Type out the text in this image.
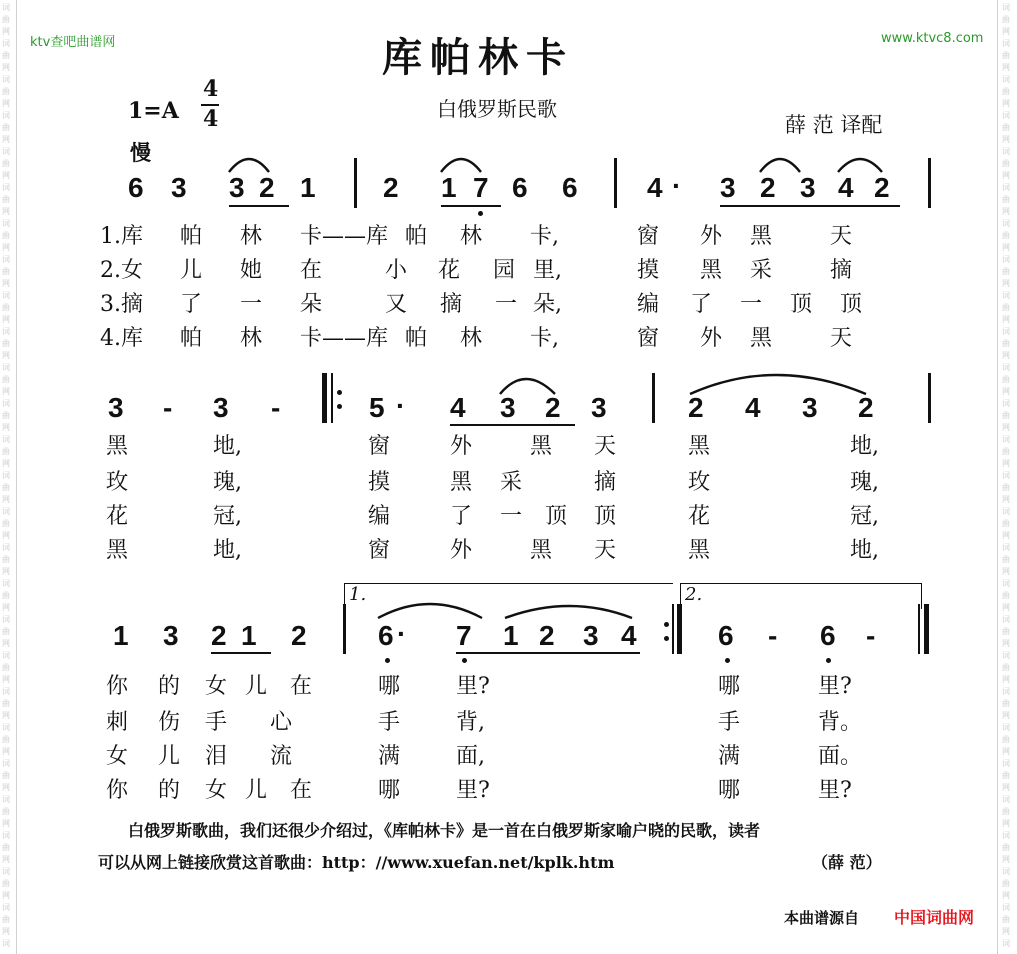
词
曲
网
词
曲
网
词
曲
网
词
曲
网
词
曲
网
词
曲
网
词
曲
网
词
曲
网
词
曲
网
词
曲
网
词
曲
网
词
曲
网
词
曲
网
词
曲
网
词
曲
网
词
曲
网
词
曲
网
词
曲
网
词
曲
网
词
曲
网
词
曲
网
词
曲
网
词
曲
网
词
曲
网
词
曲
网
词
曲
网
词
词
曲
网
词
曲
网
词
曲
网
词
曲
网
词
曲
网
词
曲
网
词
曲
网
词
曲
网
词
曲
网
词
曲
网
词
曲
网
词
曲
网
词
曲
网
词
曲
网
词
曲
网
词
曲
网
词
曲
网
词
曲
网
词
曲
网
词
曲
网
词
曲
网
词
曲
网
词
曲
网
词
曲
网
词
曲
网
词
曲
网
词
ktv查吧曲谱网	www.ktvc8.com
库帕林卡
白俄罗斯民歌
1=A
4
4
慢
薛 范 译配
6 3 3 2 1 2 1 7 6 6 4 · 3 2 3 4 2
1.库 帕 林 卡——库 帕 林 卡,	窗 外 黑	天
2.女 儿 她 在	小 花 园 里,	摸 黑 采	摘
3.摘 了 一 朵	又 摘 一 朵,	编 了 一 顶 顶
4.库 帕 林 卡——库 帕 林 卡,	窗 外 黑	天
3 - 3 -	5 · 4 3 2 3	2 4 3 2
黑	地,	窗	外	黑 天	黑	地,
玫	瑰,	摸	黑 采	摘	玫	瑰,
花	冠,	编	了 一 顶 顶	花	冠,
黑	地,	窗	外	黑 天	黑	地,
1 3 2 1 2	6 · 7 1 2 3 4	6 - 6 -
你 的 女 儿 在	哪	里?	哪	里?
刺 伤 手 心	手	背,	手	背。
女 儿 泪 流	满	面,	满	面。
你 的 女 儿 在	哪	里?	哪	里?
1.	2.
白俄罗斯歌曲，我们还很少介绍过，《库帕林卡》是一首在白俄罗斯家喻户晓的民歌，读者
可以从网上链接欣赏这首歌曲：http：//www.xuefan.net/kplk.htm	（薛 范）
本曲谱源自 中国词曲网
